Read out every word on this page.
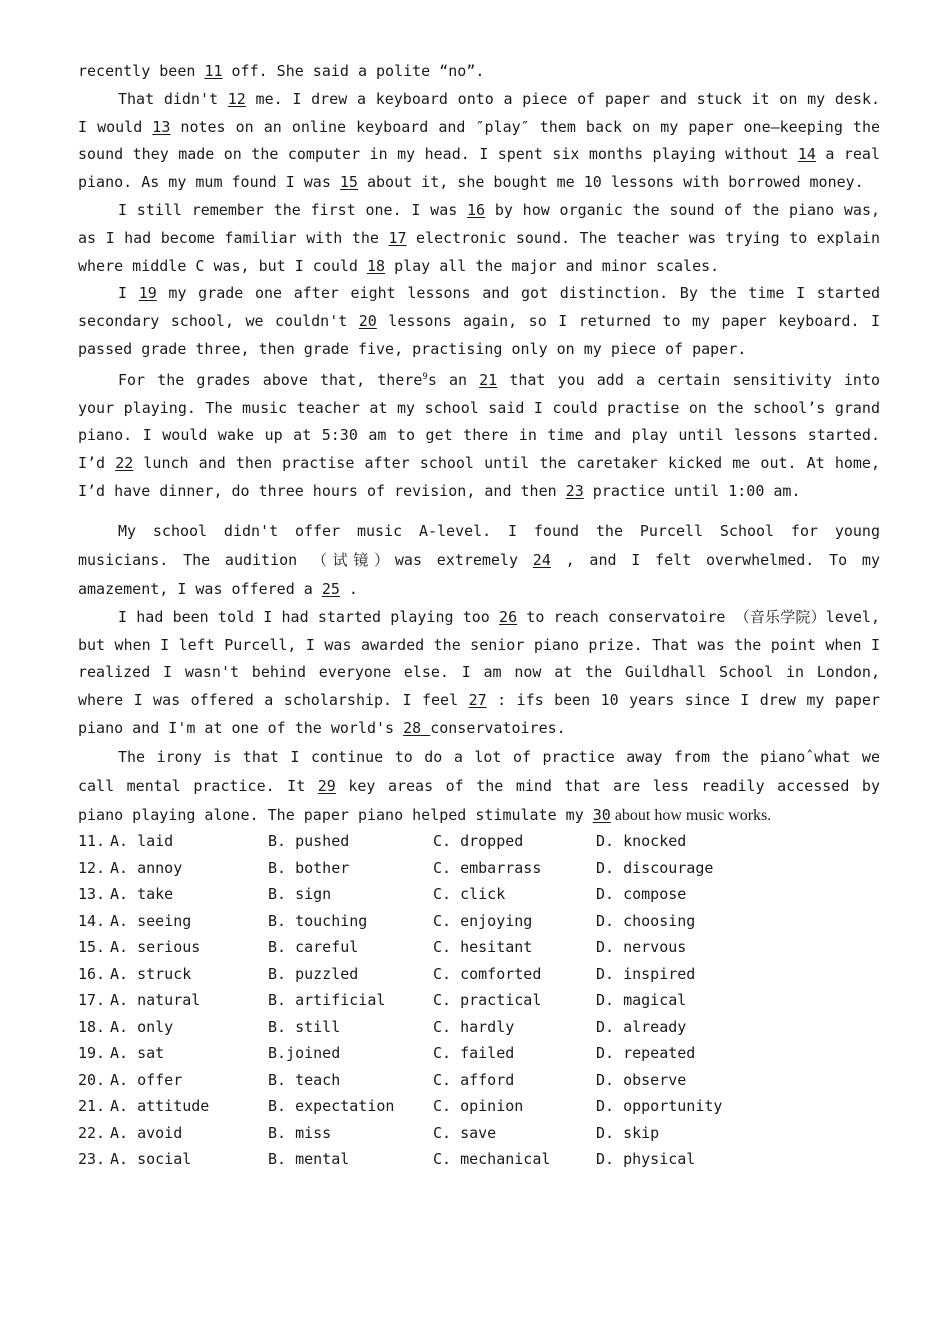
recently been 11 off. She said a polite “no”.

That didn't 12 me. I drew a keyboard onto a piece of paper and stuck it on my desk. I would 13 notes on an online keyboard and ″play″ them back on my paper one—keeping the sound they made on the computer in my head. I spent six months playing without 14 a real piano. As my mum found I was 15 about it, she bought me 10 lessons with borrowed money.

I still remember the first one. I was 16 by how organic the sound of the piano was, as I had become familiar with the 17 electronic sound. The teacher was trying to explain where middle C was, but I could 18 play all the major and minor scales.

I 19 my grade one after eight lessons and got distinction. By the time I started secondary school, we couldn't 20 lessons again, so I returned to my paper keyboard. I passed grade three, then grade five, practising only on my piece of paper.

For the grades above that, there$^9$s an 21 that you add a certain sensitivity into your playing. The music teacher at my school said I could practise on the school’s grand piano. I would wake up at 5:30 am to get there in time and play until lessons started. I’d 22 lunch and then practise after school until the caretaker kicked me out. At home, I’d have dinner, do three hours of revision, and then 23 practice until 1:00 am.

My school didn't offer music A-level. I found the Purcell School for young musicians. The audition （试镜）was extremely 24 , and I felt overwhelmed. To my amazement, I was offered a 25 .

I had been told I had started playing too 26 to reach conservatoire （音乐学院）level, but when I left Purcell, I was awarded the senior piano prize. That was the point when I realized I wasn't behind everyone else. I am now at the Guildhall School in London, where I was offered a scholarship. I feel 27 : ifs been 10 years since I drew my paper piano and I'm at one of the world's 28 conservatoires.

The irony is that I continue to do a lot of practice away from the pianoˆwhat we call mental practice. It 29 key areas of the mind that are less readily accessed by piano playing alone. The paper piano helped stimulate my 30 about how music works.

11. A. laid	B. pushed	C. dropped	D. knocked
12. A. annoy	B. bother	C. embarrass	D. discourage
13. A. take	B. sign	C. click	D. compose
14. A. seeing	B. touching	C. enjoying	D. choosing
15. A. serious	B. careful	C. hesitant	D. nervous
16. A. struck	B. puzzled	C. comforted	D. inspired
17. A. natural	B. artificial	C. practical	D. magical
18. A. only	B. still	C. hardly	D. already
19. A. sat	B.joined	C. failed	D. repeated
20. A. offer	B. teach	C. afford	D. observe
21. A. attitude	B. expectation	C. opinion	D. opportunity
22. A. avoid	B. miss	C. save	D. skip
23. A. social	B. mental	C. mechanical	D. physical
